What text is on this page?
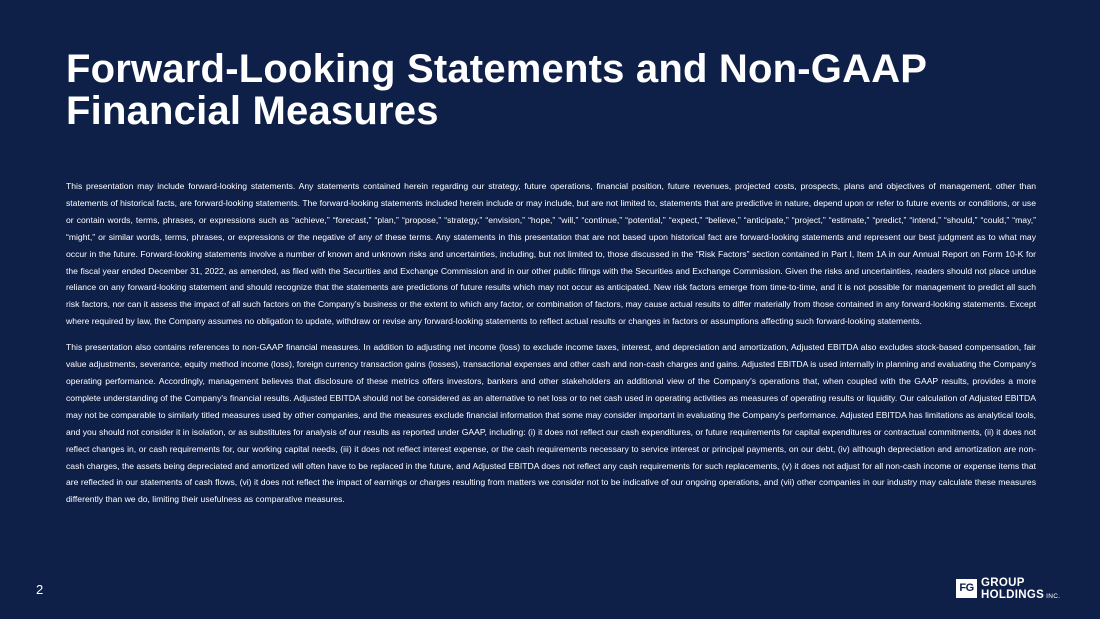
Forward-Looking Statements and Non-GAAP Financial Measures

This presentation may include forward-looking statements. Any statements contained herein regarding our strategy, future operations, financial position, future revenues, projected costs, prospects, plans and objectives of management, other than statements of historical facts, are forward-looking statements. The forward-looking statements included herein include or may include, but are not limited to, statements that are predictive in nature, depend upon or refer to future events or conditions, or use or contain words, terms, phrases, or expressions such as “achieve,” “forecast,” “plan,” “propose,” “strategy,” “envision,” “hope,” “will,” “continue,” “potential,” “expect,” “believe,” “anticipate,” “project,” “estimate,” “predict,” “intend,” “should,” “could,” “may,” “might,” or similar words, terms, phrases, or expressions or the negative of any of these terms. Any statements in this presentation that are not based upon historical fact are forward-looking statements and represent our best judgment as to what may occur in the future. Forward-looking statements involve a number of known and unknown risks and uncertainties, including, but not limited to, those discussed in the “Risk Factors” section contained in Part I, Item 1A in our Annual Report on Form 10-K for the fiscal year ended December 31, 2022, as amended, as filed with the Securities and Exchange Commission and in our other public filings with the Securities and Exchange Commission. Given the risks and uncertainties, readers should not place undue reliance on any forward-looking statement and should recognize that the statements are predictions of future results which may not occur as anticipated. New risk factors emerge from time-to-time, and it is not possible for management to predict all such risk factors, nor can it assess the impact of all such factors on the Company’s business or the extent to which any factor, or combination of factors, may cause actual results to differ materially from those contained in any forward-looking statements. Except where required by law, the Company assumes no obligation to update, withdraw or revise any forward-looking statements to reflect actual results or changes in factors or assumptions affecting such forward-looking statements.

This presentation also contains references to non-GAAP financial measures. In addition to adjusting net income (loss) to exclude income taxes, interest, and depreciation and amortization, Adjusted EBITDA also excludes stock-based compensation, fair value adjustments, severance, equity method income (loss), foreign currency transaction gains (losses), transactional expenses and other cash and non-cash charges and gains. Adjusted EBITDA is used internally in planning and evaluating the Company's operating performance. Accordingly, management believes that disclosure of these metrics offers investors, bankers and other stakeholders an additional view of the Company's operations that, when coupled with the GAAP results, provides a more complete understanding of the Company's financial results. Adjusted EBITDA should not be considered as an alternative to net loss or to net cash used in operating activities as measures of operating results or liquidity. Our calculation of Adjusted EBITDA may not be comparable to similarly titled measures used by other companies, and the measures exclude financial information that some may consider important in evaluating the Company's performance. Adjusted EBITDA has limitations as analytical tools, and you should not consider it in isolation, or as substitutes for analysis of our results as reported under GAAP, including: (i) it does not reflect our cash expenditures, or future requirements for capital expenditures or contractual commitments, (ii) it does not reflect changes in, or cash requirements for, our working capital needs, (iii) it does not reflect interest expense, or the cash requirements necessary to service interest or principal payments, on our debt, (iv) although depreciation and amortization are non-cash charges, the assets being depreciated and amortized will often have to be replaced in the future, and Adjusted EBITDA does not reflect any cash requirements for such replacements, (v) it does not adjust for all non-cash income or expense items that are reflected in our statements of cash flows, (vi) it does not reflect the impact of earnings or charges resulting from matters we consider not to be indicative of our ongoing operations, and (vii) other companies in our industry may calculate these measures differently than we do, limiting their usefulness as comparative measures.

2	FG GROUP
HOLDINGS INC.
